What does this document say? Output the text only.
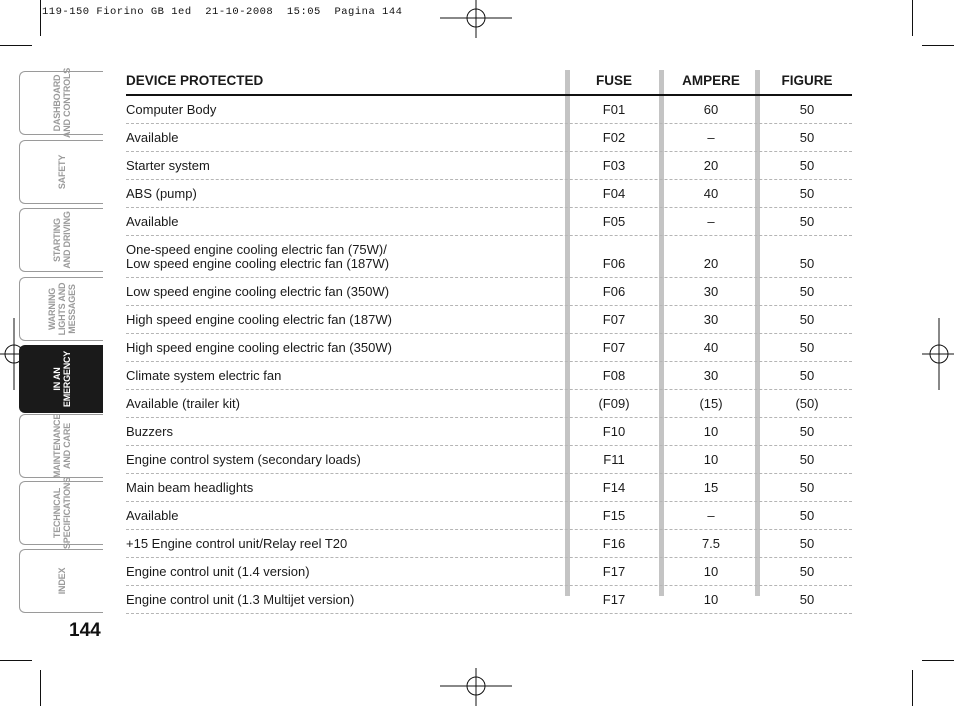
119-150 Fiorino GB 1ed  21-10-2008  15:05  Pagina 144
DASHBOARD AND CONTROLS
SAFETY
STARTING AND DRIVING
WARNING LIGHTS AND MESSAGES
IN AN EMERGENCY
MAINTENANCE AND CARE
TECHNICAL SPECIFICATIONS
INDEX
144
DEVICE PROTECTED	FUSE	AMPERE	FIGURE
Computer Body	F01	60	50
Available	F02	–	50
Starter system	F03	20	50
ABS (pump)	F04	40	50
Available	F05	–	50
One-speed engine cooling electric fan (75W)/
Low speed engine cooling electric fan (187W)	F06	20	50
Low speed engine cooling electric fan (350W)	F06	30	50
High speed engine cooling electric fan (187W)	F07	30	50
High speed engine cooling electric fan (350W)	F07	40	50
Climate system electric fan	F08	30	50
Available (trailer kit)	(F09)	(15)	(50)
Buzzers	F10	10	50
Engine control system (secondary loads)	F11	10	50
Main beam headlights	F14	15	50
Available	F15	–	50
+15 Engine control unit/Relay reel T20	F16	7.5	50
Engine control unit (1.4 version)	F17	10	50
Engine control unit (1.3 Multijet version)	F17	10	50
